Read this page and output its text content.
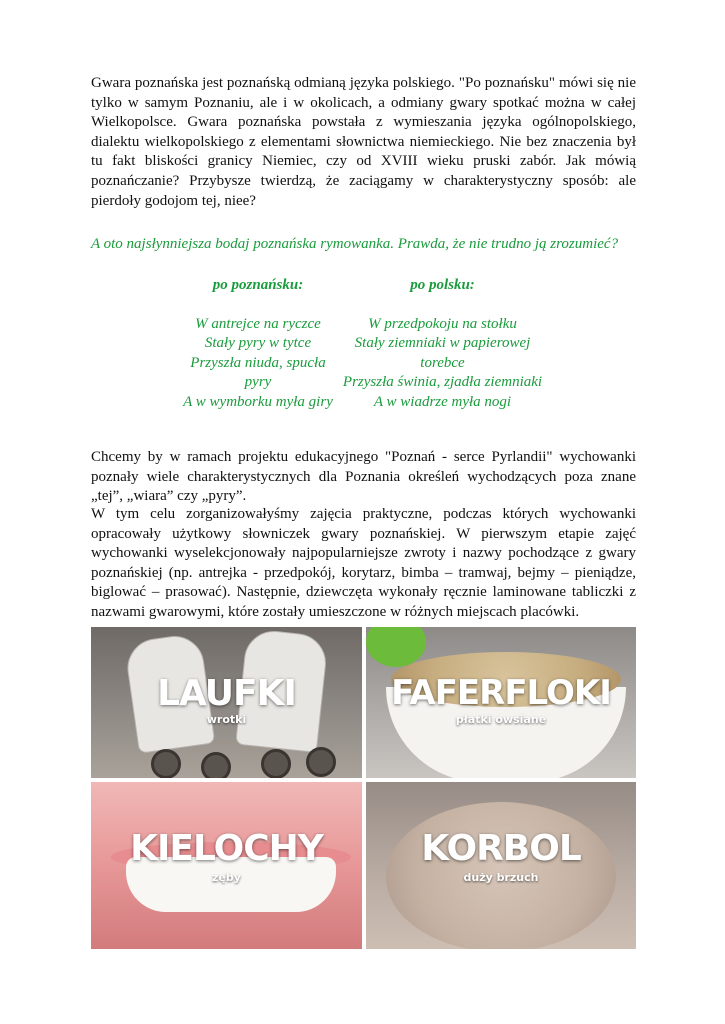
Gwara poznańska jest poznańską odmianą języka polskiego. "Po poznańsku" mówi się nie tylko w samym Poznaniu, ale i w okolicach, a odmiany gwary spotkać można w całej Wielkopolsce. Gwara poznańska powstała z wymieszania języka ogólnopolskiego, dialektu wielkopolskiego z elementami słownictwa niemieckiego. Nie bez znaczenia był tu fakt bliskości granicy Niemiec, czy od XVIII wieku pruski zabór. Jak mówią poznańczanie? Przybysze twierdzą, że zaciągamy w charakterystyczny sposób: ale pierdoły godojom tej, niee?

A oto najsłynniejsza bodaj poznańska rymowanka. Prawda, że nie trudno ją zrozumieć?

po poznańsku:
W antrejce na ryczce
Stały pyry w tytce
Przyszła niuda, spucła
pyry
A w wymborku myła giry
po polsku:
W przedpokoju na stołku
Stały ziemniaki w papierowej
torebce
Przyszła świnia, zjadła ziemniaki
A w wiadrze myła nogi

Chcemy by w ramach projektu edukacyjnego "Poznań - serce Pyrlandii" wychowanki poznały wiele charakterystycznych dla Poznania określeń wychodzących poza znane „tej”, „wiara” czy „pyry”.

W tym celu zorganizowałyśmy zajęcia praktyczne, podczas których wychowanki opracowały użytkowy słowniczek gwary poznańskiej. W pierwszym etapie zajęć wychowanki wyselekcjonowały najpopularniejsze zwroty i nazwy pochodzące z gwary poznańskiej (np. antrejka - przedpokój, korytarz, bimba – tramwaj, bejmy – pieniądze, biglować – prasować). Następnie, dziewczęta wykonały ręcznie laminowane tabliczki z nazwami gwarowymi, które zostały umieszczone w różnych miejscach placówki.

LAUFKI
wrotki
FAFERFLOKI
płatki owsiane
KIELOCHY
zęby
KORBOL
duży brzuch
